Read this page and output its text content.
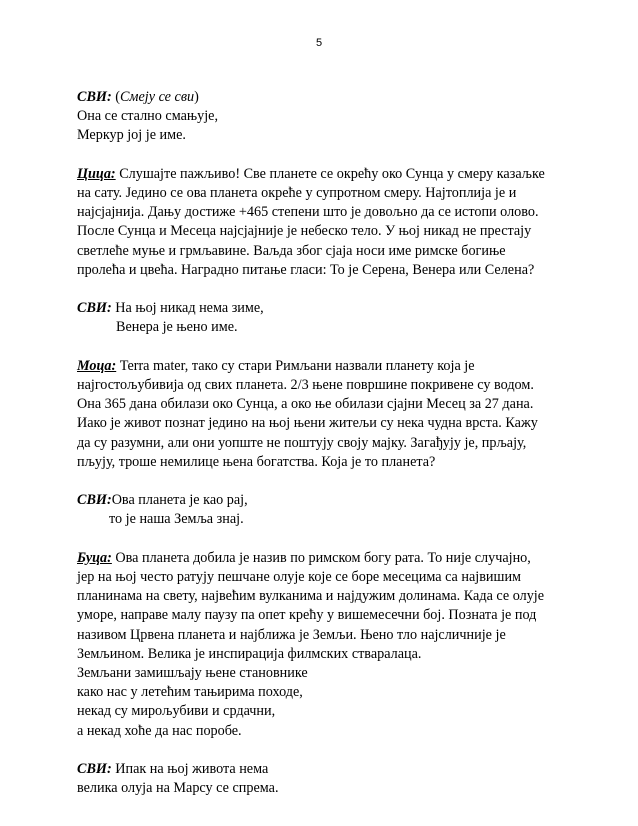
5

СВИ: (Смеју се сви)
Она се стално смањује,
Меркур јој је име.

Цица: Слушајте пажљиво! Све планете се окрећу око Сунца у смеру казаљке
на сату. Једино се ова планета окреће у супротном смеру. Најтоплија је и
најсјајнија. Дању достиже +465 степени што је довољно да се истопи олово.
После Сунца и Месеца најсјајније је небеско тело. У њој никад не престају
светлеће муње и грмљавине. Ваљда због сјаја носи име римске богиње
пролећа и цвећа. Наградно питање гласи: То је Серена, Венера или Селена?

СВИ: На њој никад нема зиме,
Венера је њено име.

Моца: Terra mater, тако су стари Римљани назвали планету која је
најгостољубивија од свих планета. 2/3 њене површине покривене су водом.
Она 365 дана обилази око Сунца, а око ње обилази сјајни Месец за 27 дана.
Иако је живот познат једино на њој њени житељи су нека чудна врста. Кажу
да су разумни, али они уопште не поштују своју мајку. Загађују је, прљају,
пљују, троше немилице њена богатства. Која је то планета?

СВИ:Ова планета је као рај,
то је наша Земља знај.

Буца: Ова планета добила је назив по римском богу рата. То није случајно,
јер на њој често ратују пешчане олује које се боре месецима са највишим
планинама на свету, највећим вулканима и најдужим долинама. Када се олује
уморе, направе малу паузу па опет крећу у вишемесечни бој. Позната је под
називом Црвена планета и најближа је Земљи. Њено тло најсличније је
Земљином. Велика је инспирација филмских стваралаца.
Земљани замишљају њене становнике
како нас у летећим тањирима походе,
некад су мирољубиви и срдачни,
а некад хоће да нас поробе.

СВИ: Ипак на њој живота нема
велика олуја на Марсу се спрема.
